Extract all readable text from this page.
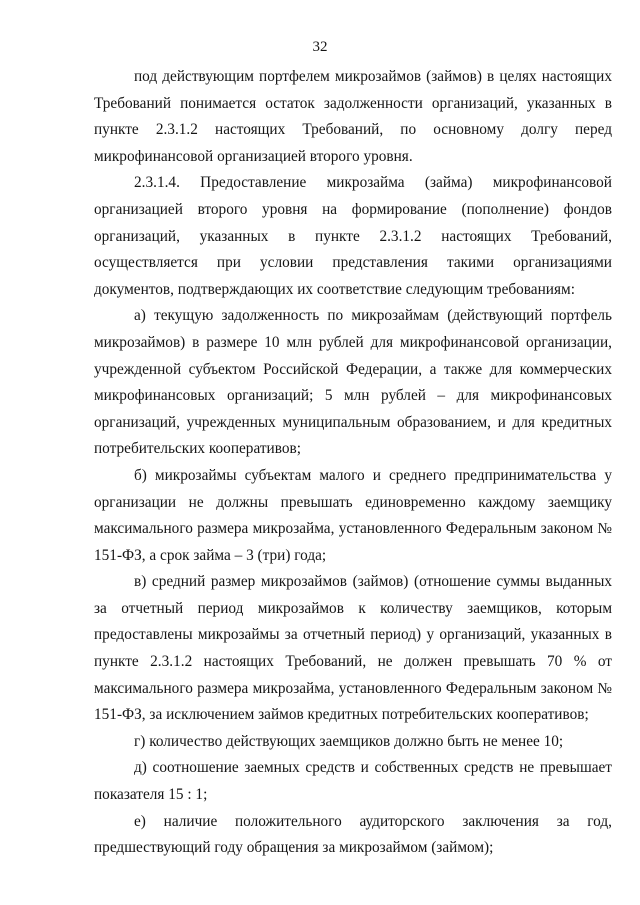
32

под действующим портфелем микрозаймов (займов) в целях настоящих Требований понимается остаток задолженности организаций, указанных в пункте 2.3.1.2 настоящих Требований, по основному долгу перед микрофинансовой организацией второго уровня.

2.3.1.4. Предоставление микрозайма (займа) микрофинансовой организацией второго уровня на формирование (пополнение) фондов организаций, указанных в пункте 2.3.1.2 настоящих Требований, осуществляется при условии представления такими организациями документов, подтверждающих их соответствие следующим требованиям:

а) текущую задолженность по микрозаймам (действующий портфель микрозаймов) в размере 10 млн рублей для микрофинансовой организации, учрежденной субъектом Российской Федерации, а также для коммерческих микрофинансовых организаций; 5 млн рублей – для микрофинансовых организаций, учрежденных муниципальным образованием, и для кредитных потребительских кооперативов;

б) микрозаймы субъектам малого и среднего предпринимательства у организации не должны превышать единовременно каждому заемщику максимального размера микрозайма, установленного Федеральным законом № 151-ФЗ, а срок займа – 3 (три) года;

в) средний размер микрозаймов (займов) (отношение суммы выданных за отчетный период микрозаймов к количеству заемщиков, которым предоставлены микрозаймы за отчетный период) у организаций, указанных в пункте 2.3.1.2 настоящих Требований, не должен превышать 70 % от максимального размера микрозайма, установленного Федеральным законом № 151-ФЗ, за исключением займов кредитных потребительских кооперативов;

г) количество действующих заемщиков должно быть не менее 10;

д) соотношение заемных средств и собственных средств не превышает показателя 15 : 1;

е) наличие положительного аудиторского заключения за год, предшествующий году обращения за микрозаймом (займом);
